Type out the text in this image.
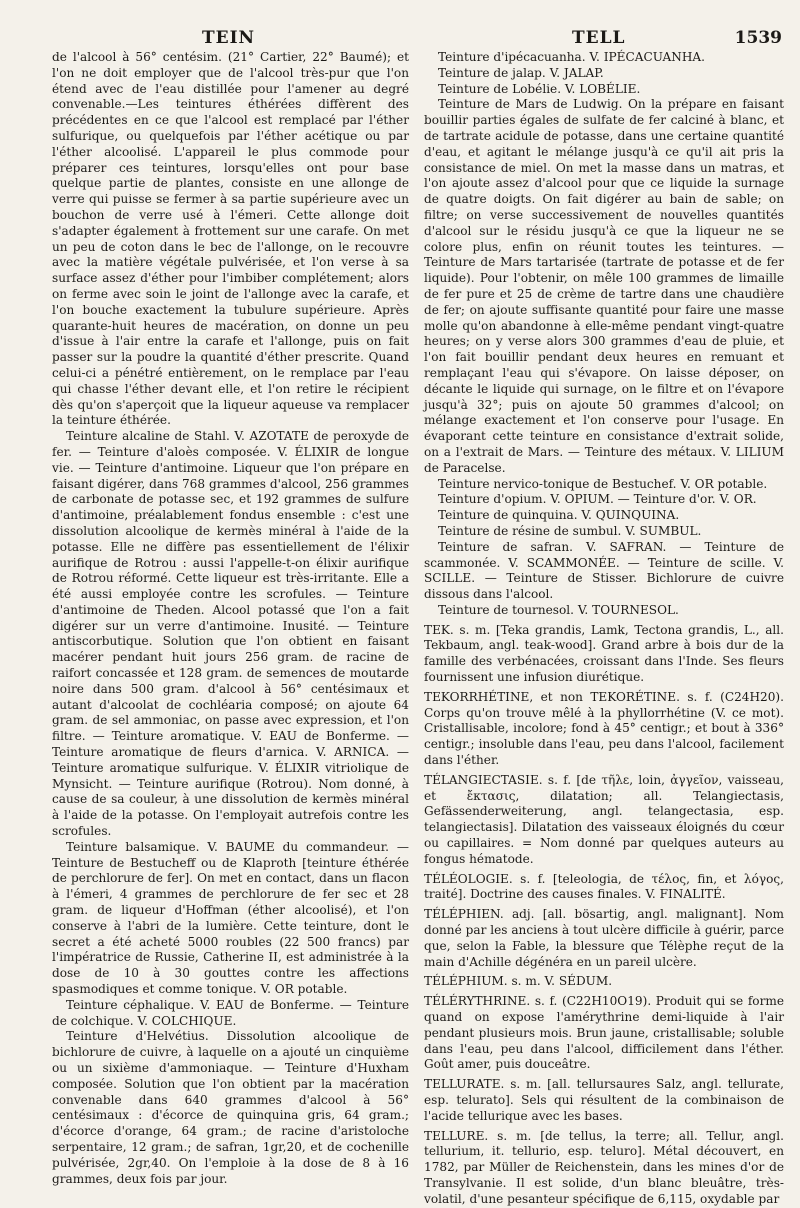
TEIN	TELL	1539

de l'alcool à 56° centésim. (21° Cartier, 22° Baumé); et l'on ne doit employer que de l'alcool très-pur que l'on étend avec de l'eau distillée pour l'amener au degré convenable.—Les teintures éthérées diffèrent des précédentes en ce que l'alcool est remplacé par l'éther sulfurique, ou quelquefois par l'éther acétique ou par l'éther alcoolisé. L'appareil le plus commode pour préparer ces teintures, lorsqu'elles ont pour base quelque partie de plantes, consiste en une allonge de verre qui puisse se fermer à sa partie supérieure avec un bouchon de verre usé à l'émeri. Cette allonge doit s'adapter également à frottement sur une carafe. On met un peu de coton dans le bec de l'allonge, on le recouvre avec la matière végétale pulvérisée, et l'on verse à sa surface assez d'éther pour l'imbiber complétement; alors on ferme avec soin le joint de l'allonge avec la carafe, et l'on bouche exactement la tubulure supérieure. Après quarante-huit heures de macération, on donne un peu d'issue à l'air entre la carafe et l'allonge, puis on fait passer sur la poudre la quantité d'éther prescrite. Quand celui-ci a pénétré entièrement, on le remplace par l'eau qui chasse l'éther devant elle, et l'on retire le récipient dès qu'on s'aperçoit que la liqueur aqueuse va remplacer la teinture éthérée.

Teinture alcaline de Stahl. V. AZOTATE de peroxyde de fer. — Teinture d'aloès composée. V. ÉLIXIR de longue vie. — Teinture d'antimoine. Liqueur que l'on prépare en faisant digérer, dans 768 grammes d'alcool, 256 grammes de carbonate de potasse sec, et 192 grammes de sulfure d'antimoine, préalablement fondus ensemble : c'est une dissolution alcoolique de kermès minéral à l'aide de la potasse. Elle ne diffère pas essentiellement de l'élixir aurifique de Rotrou : aussi l'appelle-t-on élixir aurifique de Rotrou réformé. Cette liqueur est très-irritante. Elle a été aussi employée contre les scrofules. — Teinture d'antimoine de Theden. Alcool potassé que l'on a fait digérer sur un verre d'antimoine. Inusité. — Teinture antiscorbutique. Solution que l'on obtient en faisant macérer pendant huit jours 256 gram. de racine de raifort concassée et 128 gram. de semences de moutarde noire dans 500 gram. d'alcool à 56° centésimaux et autant d'alcoolat de cochléaria composé; on ajoute 64 gram. de sel ammoniac, on passe avec expression, et l'on filtre. — Teinture aromatique. V. EAU de Bonferme. — Teinture aromatique de fleurs d'arnica. V. ARNICA. — Teinture aromatique sulfurique. V. ÉLIXIR vitriolique de Mynsicht. — Teinture aurifique (Rotrou). Nom donné, à cause de sa couleur, à une dissolution de kermès minéral à l'aide de la potasse. On l'employait autrefois contre les scrofules.

Teinture balsamique. V. BAUME du commandeur. — Teinture de Bestucheff ou de Klaproth [teinture éthérée de perchlorure de fer]. On met en contact, dans un flacon à l'émeri, 4 grammes de perchlorure de fer sec et 28 gram. de liqueur d'Hoffman (éther alcoolisé), et l'on conserve à l'abri de la lumière. Cette teinture, dont le secret a été acheté 5000 roubles (22 500 francs) par l'impératrice de Russie, Catherine II, est administrée à la dose de 10 à 30 gouttes contre les affections spasmodiques et comme tonique. V. OR potable.

Teinture céphalique. V. EAU de Bonferme. — Teinture de colchique. V. COLCHIQUE.

Teinture d'Helvétius. Dissolution alcoolique de bichlorure de cuivre, à laquelle on a ajouté un cinquième ou un sixième d'ammoniaque. — Teinture d'Huxham composée. Solution que l'on obtient par la macération convenable dans 640 grammes d'alcool à 56° centésimaux : d'écorce de quinquina gris, 64 gram.; d'écorce d'orange, 64 gram.; de racine d'aristoloche serpentaire, 12 gram.; de safran, 1gr,20, et de cochenille pulvérisée, 2gr,40. On l'emploie à la dose de 8 à 16 grammes, deux fois par jour.

Teinture d'ipécacuanha. V. IPÉCACUANHA.

Teinture de jalap. V. JALAP.

Teinture de Lobélie. V. LOBÉLIE.

Teinture de Mars de Ludwig. On la prépare en faisant bouillir parties égales de sulfate de fer calciné à blanc, et de tartrate acidule de potasse, dans une certaine quantité d'eau, et agitant le mélange jusqu'à ce qu'il ait pris la consistance de miel. On met la masse dans un matras, et l'on ajoute assez d'alcool pour que ce liquide la surnage de quatre doigts. On fait digérer au bain de sable; on filtre; on verse successivement de nouvelles quantités d'alcool sur le résidu jusqu'à ce que la liqueur ne se colore plus, enfin on réunit toutes les teintures. — Teinture de Mars tartarisée (tartrate de potasse et de fer liquide). Pour l'obtenir, on mêle 100 grammes de limaille de fer pure et 25 de crème de tartre dans une chaudière de fer; on ajoute suffisante quantité pour faire une masse molle qu'on abandonne à elle-même pendant vingt-quatre heures; on y verse alors 300 grammes d'eau de pluie, et l'on fait bouillir pendant deux heures en remuant et remplaçant l'eau qui s'évapore. On laisse déposer, on décante le liquide qui surnage, on le filtre et on l'évapore jusqu'à 32°; puis on ajoute 50 grammes d'alcool; on mélange exactement et l'on conserve pour l'usage. En évaporant cette teinture en consistance d'extrait solide, on a l'extrait de Mars. — Teinture des métaux. V. LILIUM de Paracelse.

Teinture nervico-tonique de Bestuchef. V. OR potable.

Teinture d'opium. V. OPIUM. — Teinture d'or. V. OR.

Teinture de quinquina. V. QUINQUINA.

Teinture de résine de sumbul. V. SUMBUL.

Teinture de safran. V. SAFRAN. — Teinture de scammonée. V. SCAMMONÉE. — Teinture de scille. V. SCILLE. — Teinture de Stisser. Bichlorure de cuivre dissous dans l'alcool.

Teinture de tournesol. V. TOURNESOL.

TEK. s. m. [Teka grandis, Lamk, Tectona grandis, L., all. Tekbaum, angl. teak-wood]. Grand arbre à bois dur de la famille des verbénacées, croissant dans l'Inde. Ses fleurs fournissent une infusion diurétique.

TEKORRHÉTINE, et non TEKORÉTINE. s. f. (C24H20). Corps qu'on trouve mêlé à la phyllorrhétine (V. ce mot). Cristallisable, incolore; fond à 45° centigr.; et bout à 336° centigr.; insoluble dans l'eau, peu dans l'alcool, facilement dans l'éther.

TÉLANGIECTASIE. s. f. [de τῆλε, loin, ἀγγεῖον, vaisseau, et ἔκτασις, dilatation; all. Telangiectasis, Gefässenderweiterung, angl. telangectasia, esp. telangiectasis]. Dilatation des vaisseaux éloignés du cœur ou capillaires. = Nom donné par quelques auteurs au fongus hématode.

TÉLÉOLOGIE. s. f. [teleologia, de τέλος, fin, et λόγος, traité]. Doctrine des causes finales. V. FINALITÉ.

TÉLÉPHIEN. adj. [all. bösartig, angl. malignant]. Nom donné par les anciens à tout ulcère difficile à guérir, parce que, selon la Fable, la blessure que Télèphe reçut de la main d'Achille dégénéra en un pareil ulcère.

TÉLÉPHIUM. s. m. V. SÉDUM.

TÉLÉRYTHRINE. s. f. (C22H10O19). Produit qui se forme quand on expose l'amérythrine demi-liquide à l'air pendant plusieurs mois. Brun jaune, cristallisable; soluble dans l'eau, peu dans l'alcool, difficilement dans l'éther. Goût amer, puis douceâtre.

TELLURATE. s. m. [all. tellursaures Salz, angl. tellurate, esp. telurato]. Sels qui résultent de la combinaison de l'acide tellurique avec les bases.

TELLURE. s. m. [de tellus, la terre; all. Tellur, angl. tellurium, it. tellurio, esp. teluro]. Métal découvert, en 1782, par Müller de Reichenstein, dans les mines d'or de Transylvanie. Il est solide, d'un blanc bleuâtre, très-volatil, d'une pesanteur spécifique de 6,115, oxydable par
